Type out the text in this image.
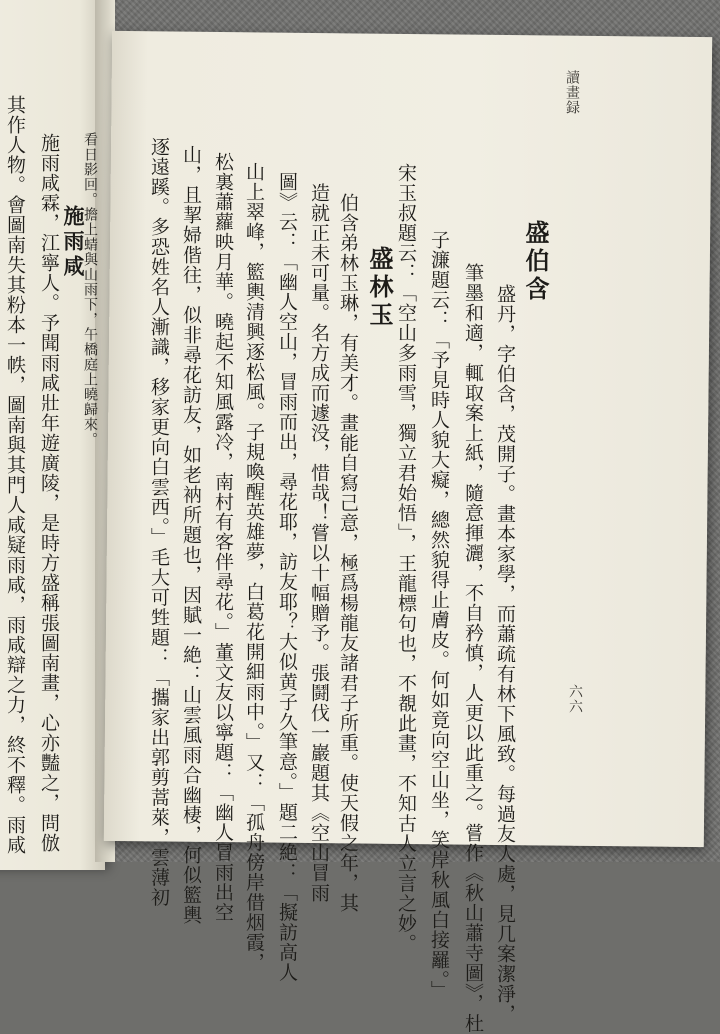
其作人物。會圖南失其粉本一帙，圖南與其門人咸疑雨咸，雨咸辯之力，終不釋。雨咸 施雨咸霖，江寧人。予聞雨咸壯年遊廣陵，是時方盛稱張圖南畫，心亦豔之，問倣 施雨咸
看日影回。擔上蜻與山雨下，午橋庭上曉歸來。
讀畫録
六六
盛伯含
盛丹，字伯含，茂開子。畫本家學，而蕭疏有林下風致。每過友人處，見几案潔淨，
筆墨和適，輒取案上紙，隨意揮灑，不自矜慎，人更以此重之。嘗作《秋山蕭寺圖》，杜
子濂題云：「予見時人貌大癡，總然貌得止膚皮。何如竟向空山坐，笑岸秋風白接䍦。」
宋玉叔題云：「空山多雨雪，獨立君始悟」，王龍標句也，不覩此畫，不知古人立言之妙。
盛林玉
伯含弟林玉琳，有美才。畫能自寫己意，極爲楊龍友諸君子所重。使天假之年，其
造就正未可量。名方成而遽没，惜哉！嘗以十幅贈予。張鬪伐一巖題其《空山冒雨
圖》云：「幽人空山，冒雨而出，尋花耶，訪友耶？大似黄子久筆意。」題二絶：「擬訪高人
山上翠峰，籃輿清興逐松風。子規喚醒英雄夢，白葛花開細雨中。」又：「孤舟傍岸借烟霞，
松裏蕭蘿映月華。曉起不知風露冷，南村有客伴尋花。」董文友以寧題：「幽人冒雨出空
山，且挈婦偕往，似非尋花訪友，如老衲所題也，因賦一絶：山雲風雨合幽棲，何似籃輿
逐遠蹊。多恐姓名人漸識，移家更向白雲西。」毛大可甡題：「攜家出郭剪蒿萊，雲薄初
